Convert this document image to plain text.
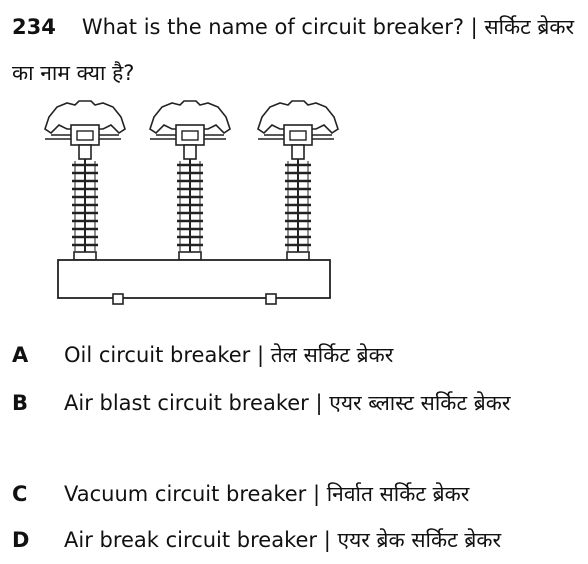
234 What is the name of circuit breaker? | सर्किट ब्रेकर का नाम क्या है?
A Oil circuit breaker | तेल सर्किट ब्रेकर
B Air blast circuit breaker | एयर ब्लास्ट सर्किट ब्रेकर
C Vacuum circuit breaker | निर्वात सर्किट ब्रेकर
D Air break circuit breaker | एयर ब्रेक सर्किट ब्रेकर
